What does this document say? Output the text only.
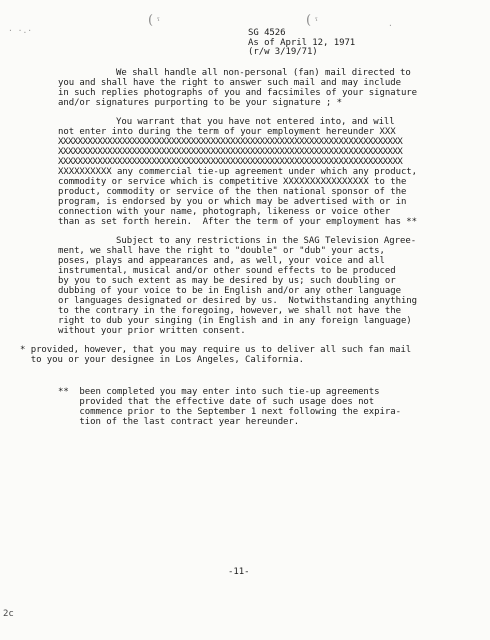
( ˁ	( ˁ
· ·.·
·
SG 4526
As of April 12, 1971
(r/w 3/19/71)
We shall handle all non-personal (fan) mail directed to
you and shall have the right to answer such mail and may include
in such replies photographs of you and facsimiles of your signature
and/or signatures purporting to be your signature ; *
You warrant that you have not entered into, and will
not enter into during the term of your employment hereunder XXX
XXXXXXXXXXXXXXXXXXXXXXXXXXXXXXXXXXXXXXXXXXXXXXXXXXXXXXXXXXXXXXXXXXXXXX
XXXXXXXXXXXXXXXXXXXXXXXXXXXXXXXXXXXXXXXXXXXXXXXXXXXXXXXXXXXXXXXXXXXXXX
XXXXXXXXXXXXXXXXXXXXXXXXXXXXXXXXXXXXXXXXXXXXXXXXXXXXXXXXXXXXXXXXXXXXXX
XXXXXXXXXX any commercial tie-up agreement under which any product,
commodity or service which is competitive XXXXXXXXXXXXXXXX to the
product, commodity or service of the then national sponsor of the
program, is endorsed by you or which may be advertised with or in
connection with your name, photograph, likeness or voice other
than as set forth herein.  After the term of your employment has **
Subject to any restrictions in the SAG Television Agree-
ment, we shall have the right to "double" or "dub" your acts,
poses, plays and appearances and, as well, your voice and all
instrumental, musical and/or other sound effects to be produced
by you to such extent as may be desired by us; such doubling or
dubbing of your voice to be in English and/or any other language
or languages designated or desired by us.  Notwithstanding anything
to the contrary in the foregoing, however, we shall not have the
right to dub your singing (in English and in any foreign language)
without your prior written consent.
* provided, however, that you may require us to deliver all such fan mail
to you or your designee in Los Angeles, California.
**  been completed you may enter into such tie-up agreements
provided that the effective date of such usage does not
commence prior to the September 1 next following the expira-
tion of the last contract year hereunder.
-11-
2c
